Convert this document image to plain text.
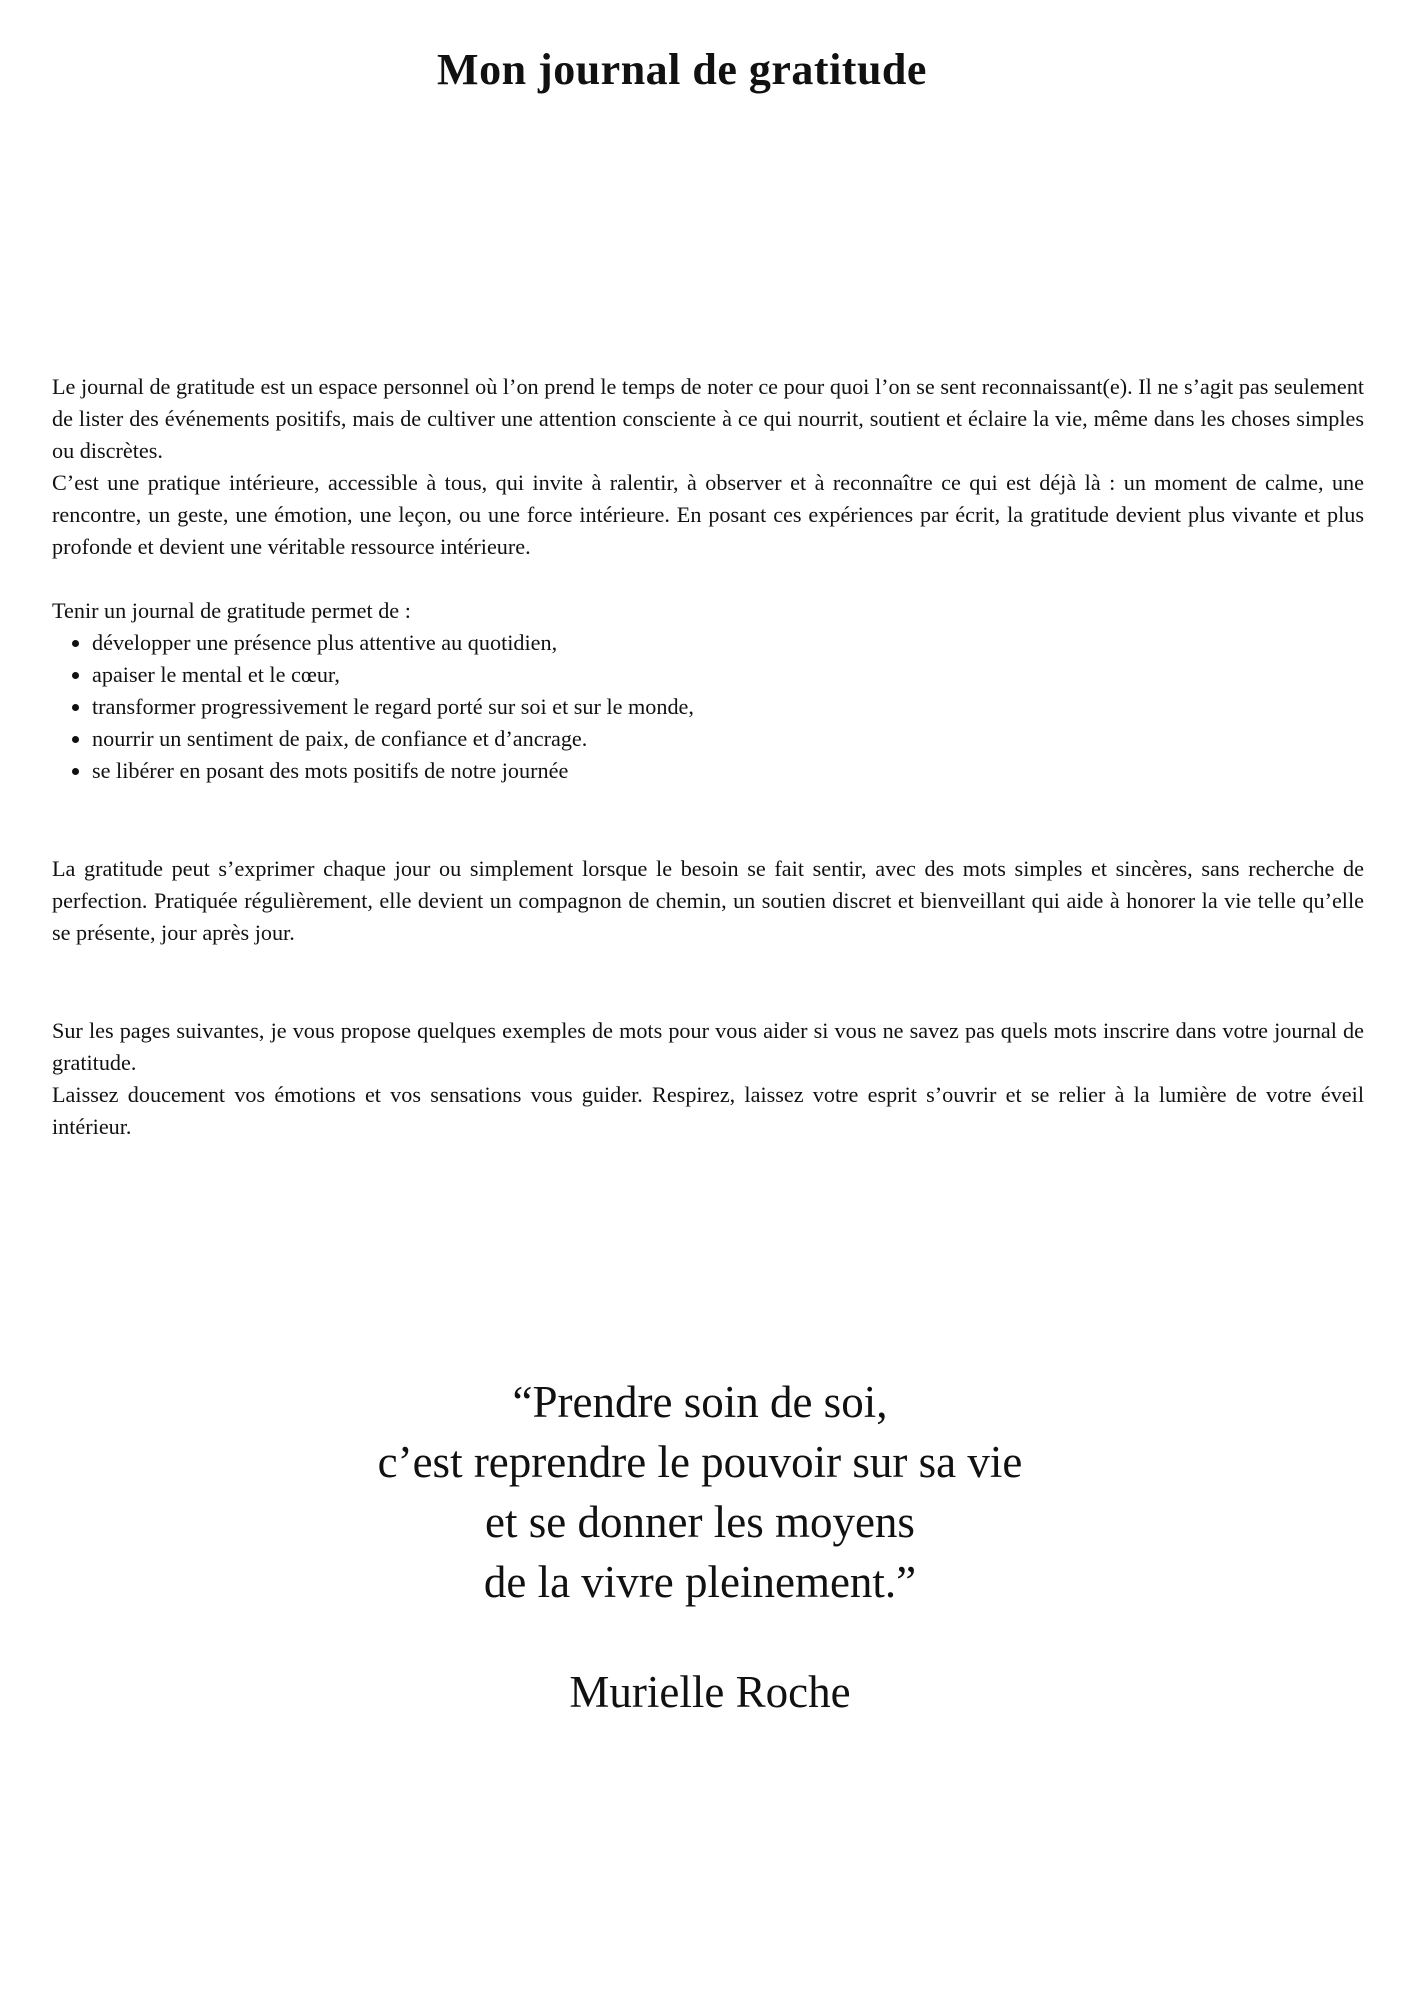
Mon journal de gratitude

Le journal de gratitude est un espace personnel où l’on prend le temps de noter ce pour quoi l’on se sent reconnaissant(e). Il ne s’agit pas seulement de lister des événements positifs, mais de cultiver une attention consciente à ce qui nourrit, soutient et éclaire la vie, même dans les choses simples ou discrètes.

C’est une pratique intérieure, accessible à tous, qui invite à ralentir, à observer et à reconnaître ce qui est déjà là : un moment de calme, une rencontre, un geste, une émotion, une leçon, ou une force intérieure. En posant ces expériences par écrit, la gratitude devient plus vivante et plus profonde et devient une véritable ressource intérieure.

Tenir un journal de gratitude permet de :

• développer une présence plus attentive au quotidien,
• apaiser le mental et le cœur,
• transformer progressivement le regard porté sur soi et sur le monde,
• nourrir un sentiment de paix, de confiance et d’ancrage.
• se libérer en posant des mots positifs de notre journée

La gratitude peut s’exprimer chaque jour ou simplement lorsque le besoin se fait sentir, avec des mots simples et sincères, sans recherche de perfection. Pratiquée régulièrement, elle devient un compagnon de chemin, un soutien discret et bienveillant qui aide à honorer la vie telle qu’elle se présente, jour après jour.

Sur les pages suivantes, je vous propose quelques exemples de mots pour vous aider si vous ne savez pas quels mots inscrire dans votre journal de gratitude.

Laissez doucement vos émotions et vos sensations vous guider. Respirez, laissez votre esprit s’ouvrir et se relier à la lumière de votre éveil intérieur.

“Prendre soin de soi,
c’est reprendre le pouvoir sur sa vie
et se donner les moyens
de la vivre pleinement.”
Murielle Roche
